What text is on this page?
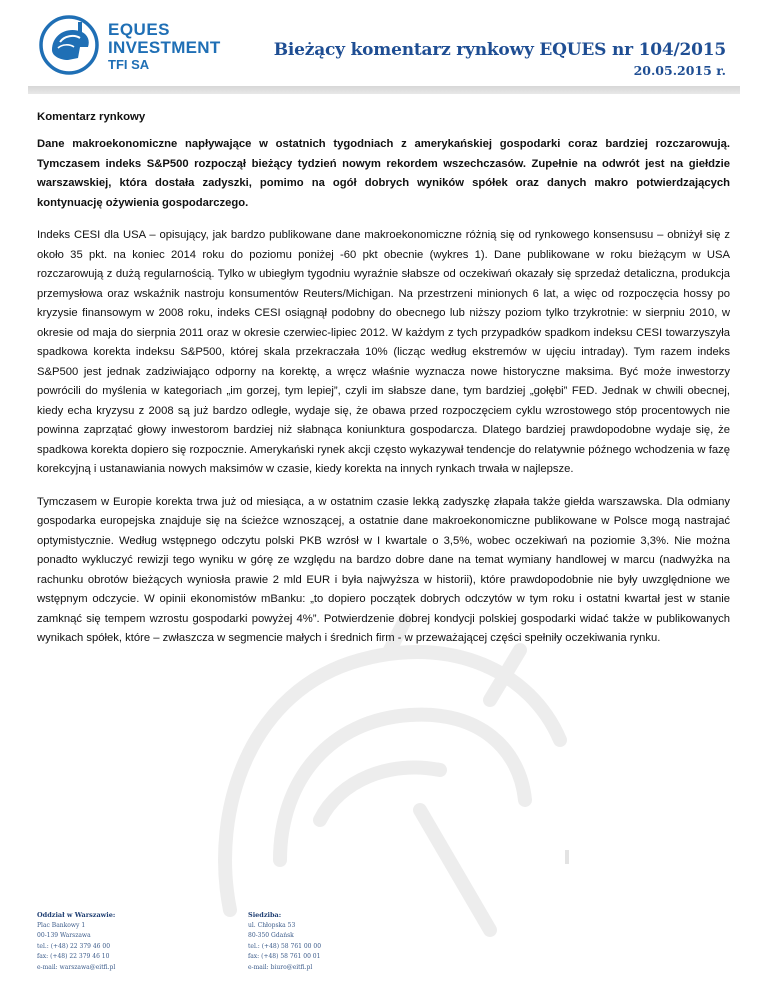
EQUES
INVESTMENT
TFI SA
Bieżący komentarz rynkowy EQUES nr 104/2015
20.05.2015 r.

Komentarz rynkowy

Dane makroekonomiczne napływające w ostatnich tygodniach z amerykańskiej gospodarki coraz bardziej rozczarowują. Tymczasem indeks S&P500 rozpoczął bieżący tydzień nowym rekordem wszechczasów. Zupełnie na odwrót jest na giełdzie warszawskiej, która dostała zadyszki, pomimo na ogół dobrych wyników spółek oraz danych makro potwierdzających kontynuację ożywienia gospodarczego.

Indeks CESI dla USA – opisujący, jak bardzo publikowane dane makroekonomiczne różnią się od rynkowego konsensusu – obniżył się z około 35 pkt. na koniec 2014 roku do poziomu poniżej -60 pkt obecnie (wykres 1). Dane publikowane w roku bieżącym w USA rozczarowują z dużą regularnością. Tylko w ubiegłym tygodniu wyraźnie słabsze od oczekiwań okazały się sprzedaż detaliczna, produkcja przemysłowa oraz wskaźnik nastroju konsumentów Reuters/Michigan. Na przestrzeni minionych 6 lat, a więc od rozpoczęcia hossy po kryzysie finansowym w 2008 roku, indeks CESI osiągnął podobny do obecnego lub niższy poziom tylko trzykrotnie: w sierpniu 2010, w okresie od maja do sierpnia 2011 oraz w okresie czerwiec-lipiec 2012. W każdym z tych przypadków spadkom indeksu CESI towarzyszyła spadkowa korekta indeksu S&P500, której skala przekraczała 10% (licząc według ekstremów w ujęciu intraday). Tym razem indeks S&P500 jest jednak zadziwiająco odporny na korektę, a wręcz właśnie wyznacza nowe historyczne maksima. Być może inwestorzy powrócili do myślenia w kategoriach „im gorzej, tym lepiej”, czyli im słabsze dane, tym bardziej „gołębi” FED. Jednak w chwili obecnej, kiedy echa kryzysu z 2008 są już bardzo odległe, wydaje się, że obawa przed rozpoczęciem cyklu wzrostowego stóp procentowych nie powinna zaprzątać głowy inwestorom bardziej niż słabnąca koniunktura gospodarcza. Dlatego bardziej prawdopodobne wydaje się, że spadkowa korekta dopiero się rozpocznie. Amerykański rynek akcji często wykazywał tendencje do relatywnie późnego wchodzenia w fazę korekcyjną i ustanawiania nowych maksimów w czasie, kiedy korekta na innych rynkach trwała w najlepsze.

Tymczasem w Europie korekta trwa już od miesiąca, a w ostatnim czasie lekką zadyszkę złapała także giełda warszawska. Dla odmiany gospodarka europejska znajduje się na ścieżce wznoszącej, a ostatnie dane makroekonomiczne publikowane w Polsce mogą nastrajać optymistycznie. Według wstępnego odczytu polski PKB wzrósł w I kwartale o 3,5%, wobec oczekiwań na poziomie 3,3%. Nie można ponadto wykluczyć rewizji tego wyniku w górę ze względu na bardzo dobre dane na temat wymiany handlowej w marcu (nadwyżka na rachunku obrotów bieżących wyniosła prawie 2 mld EUR i była najwyższa w historii), które prawdopodobnie nie były uwzględnione we wstępnym odczycie. W opinii ekonomistów mBanku: „to dopiero początek dobrych odczytów w tym roku i ostatni kwartał jest w stanie zamknąć się tempem wzrostu gospodarki powyżej 4%”. Potwierdzenie dobrej kondycji polskiej gospodarki widać także w publikowanych wynikach spółek, które – zwłaszcza w segmencie małych i średnich firm - w przeważającej części spełniły oczekiwania rynku.

Oddział w Warszawie:
Plac Bankowy 1
00-139 Warszawa
tel.: (+48) 22 379 46 00
fax: (+48) 22 379 46 10
e-mail: warszawa@eitfi.pl
Siedziba:
ul. Chłopska 53
80-350 Gdańsk
tel.: (+48) 58 761 00 00
fax: (+48) 58 761 00 01
e-mail: biuro@eitfi.pl
